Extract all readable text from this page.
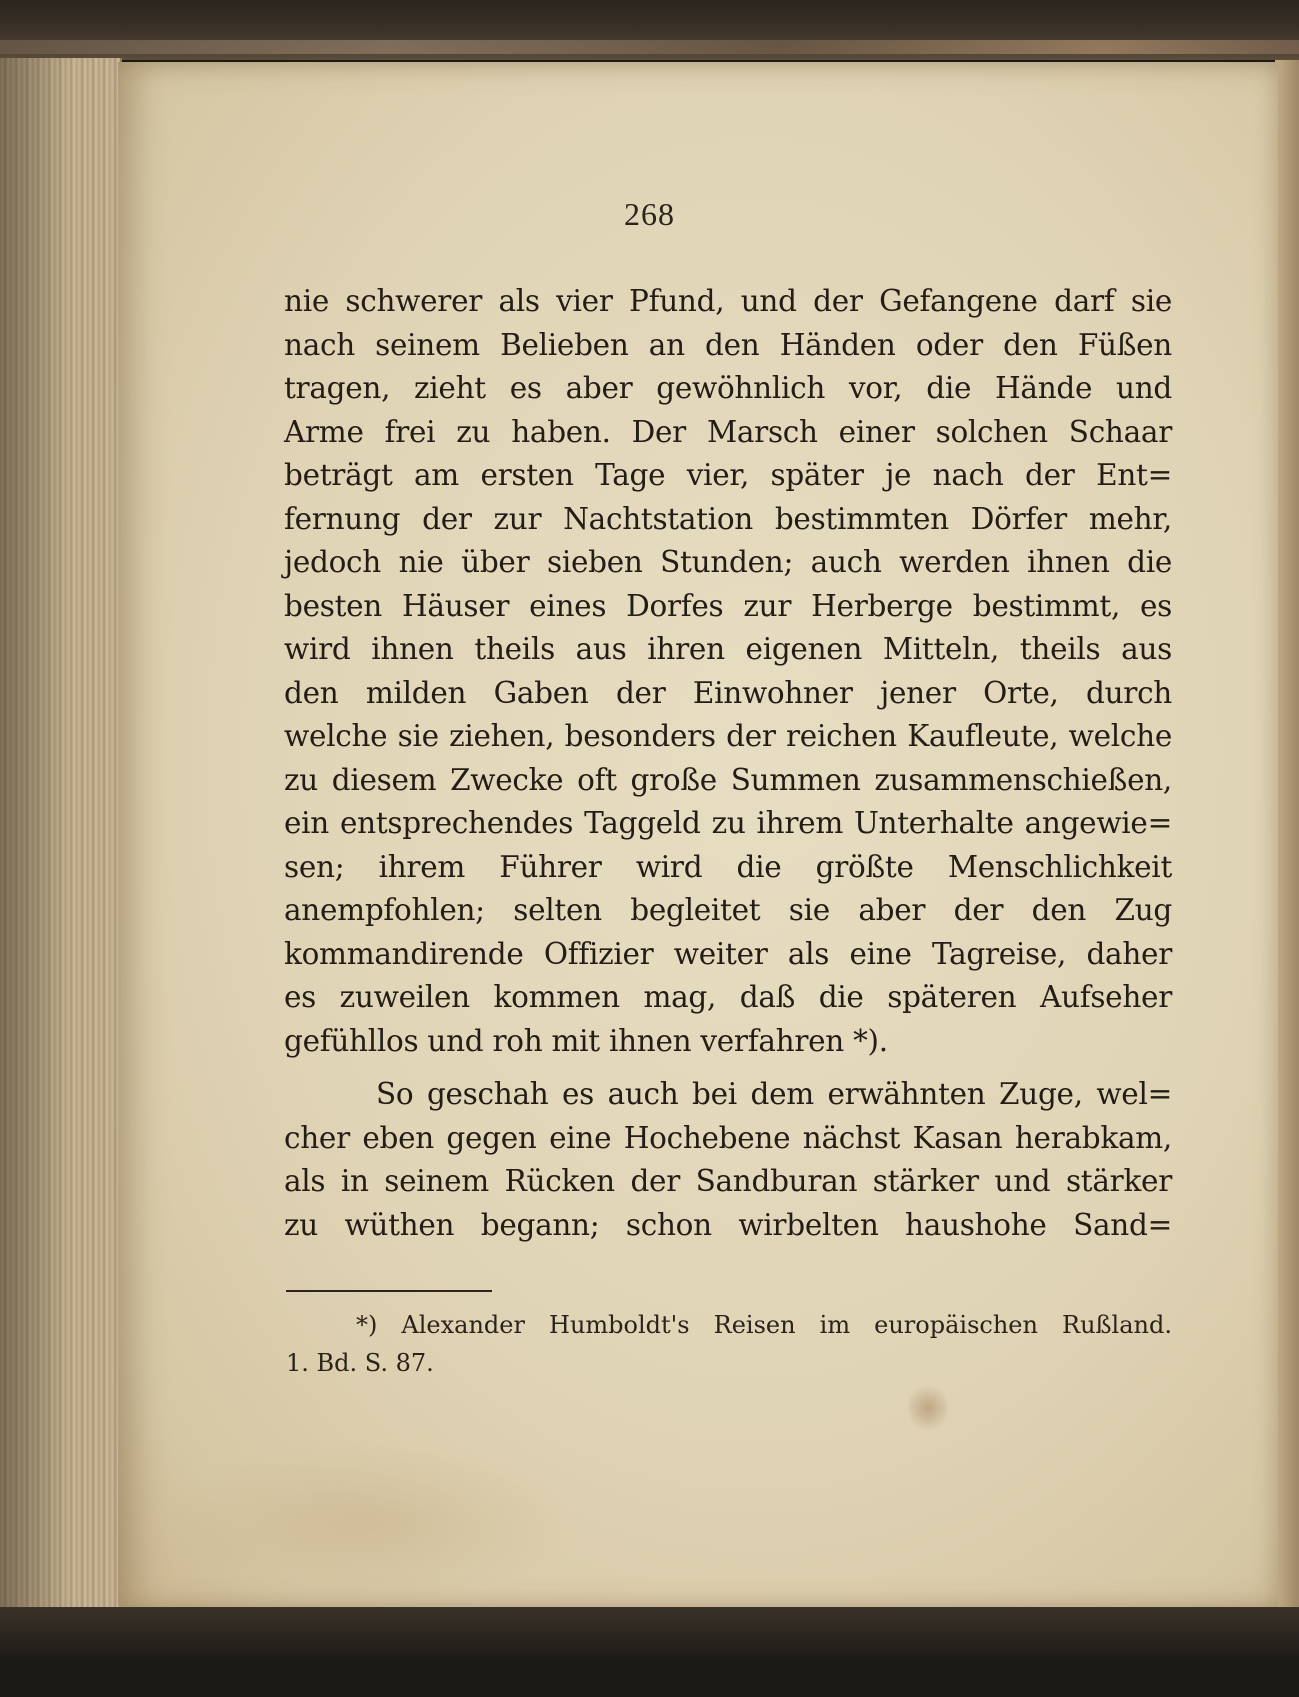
268
nie schwerer als vier Pfund, und der Gefangene darf sie
nach seinem Belieben an den Händen oder den Füßen
tragen, zieht es aber gewöhnlich vor, die Hände und
Arme frei zu haben. Der Marsch einer solchen Schaar
beträgt am ersten Tage vier, später je nach der Ent=
fernung der zur Nachtstation bestimmten Dörfer mehr,
jedoch nie über sieben Stunden; auch werden ihnen die
besten Häuser eines Dorfes zur Herberge bestimmt, es
wird ihnen theils aus ihren eigenen Mitteln, theils aus
den milden Gaben der Einwohner jener Orte, durch
welche sie ziehen, besonders der reichen Kaufleute, welche
zu diesem Zwecke oft große Summen zusammenschießen,
ein entsprechendes Taggeld zu ihrem Unterhalte angewie=
sen; ihrem Führer wird die größte Menschlichkeit
anempfohlen; selten begleitet sie aber der den Zug
kommandirende Offizier weiter als eine Tagreise, daher
es zuweilen kommen mag, daß die späteren Aufseher
gefühllos und roh mit ihnen verfahren *).
So geschah es auch bei dem erwähnten Zuge, wel=
cher eben gegen eine Hochebene nächst Kasan herabkam,
als in seinem Rücken der Sandburan stärker und stärker
zu wüthen begann; schon wirbelten haushohe Sand=
*) Alexander Humboldt's Reisen im europäischen Rußland.
1. Bd. S. 87.
